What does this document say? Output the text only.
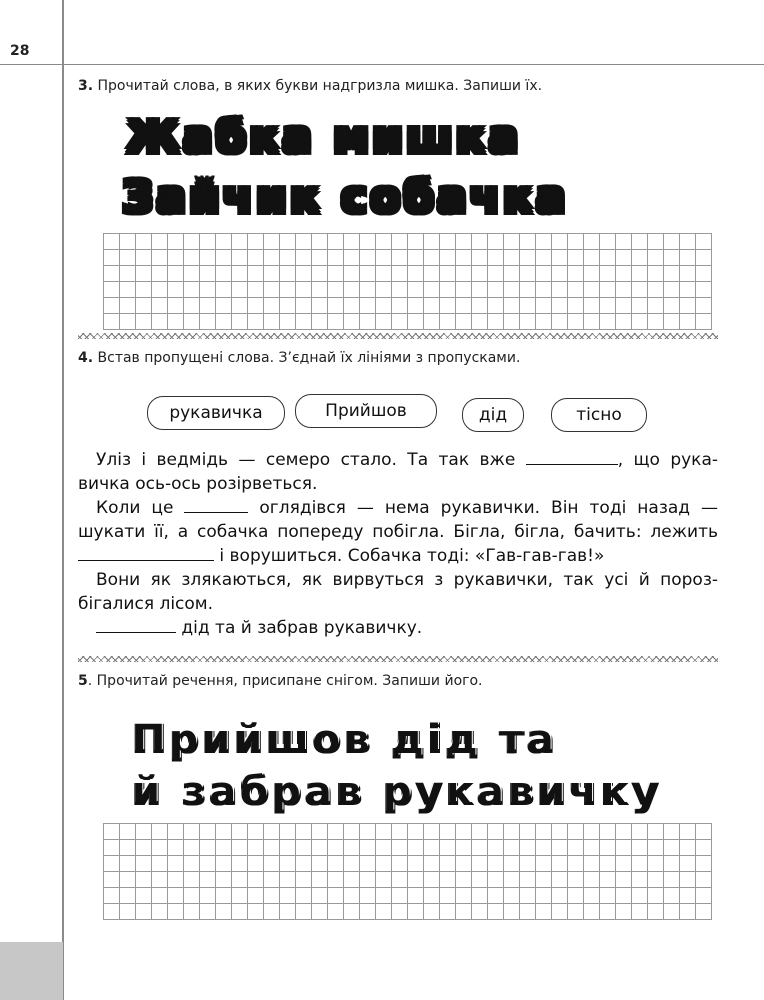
28
3. Прочитай слова, в яких букви надгризла мишка. Запиши їх.
Жабка мишка
Зайчик собачка
4. Встав пропущені слова. З’єднай їх лініями з пропусками.
рукавичка	Прийшов	дід	тісно

Уліз і ведмідь — семеро стало. Та так вже	, що рука- вичка ось-ось розірветься.

Коли це	оглядівся — нема рукавички. Він тоді назад — шукати її, а собачка попереду побігла. Бігла, бігла, бачить: лежить  і ворушиться. Собачка тоді: «Гав-гав-гав!»

Вони як злякаються, як вирвуться з рукавички, так усі й пороз- бігалися лісом.

дід та й забрав рукавичку.

5. Прочитай речення, присипане снігом. Запиши його.
Прийшов дід та
й забрав рукавичку
